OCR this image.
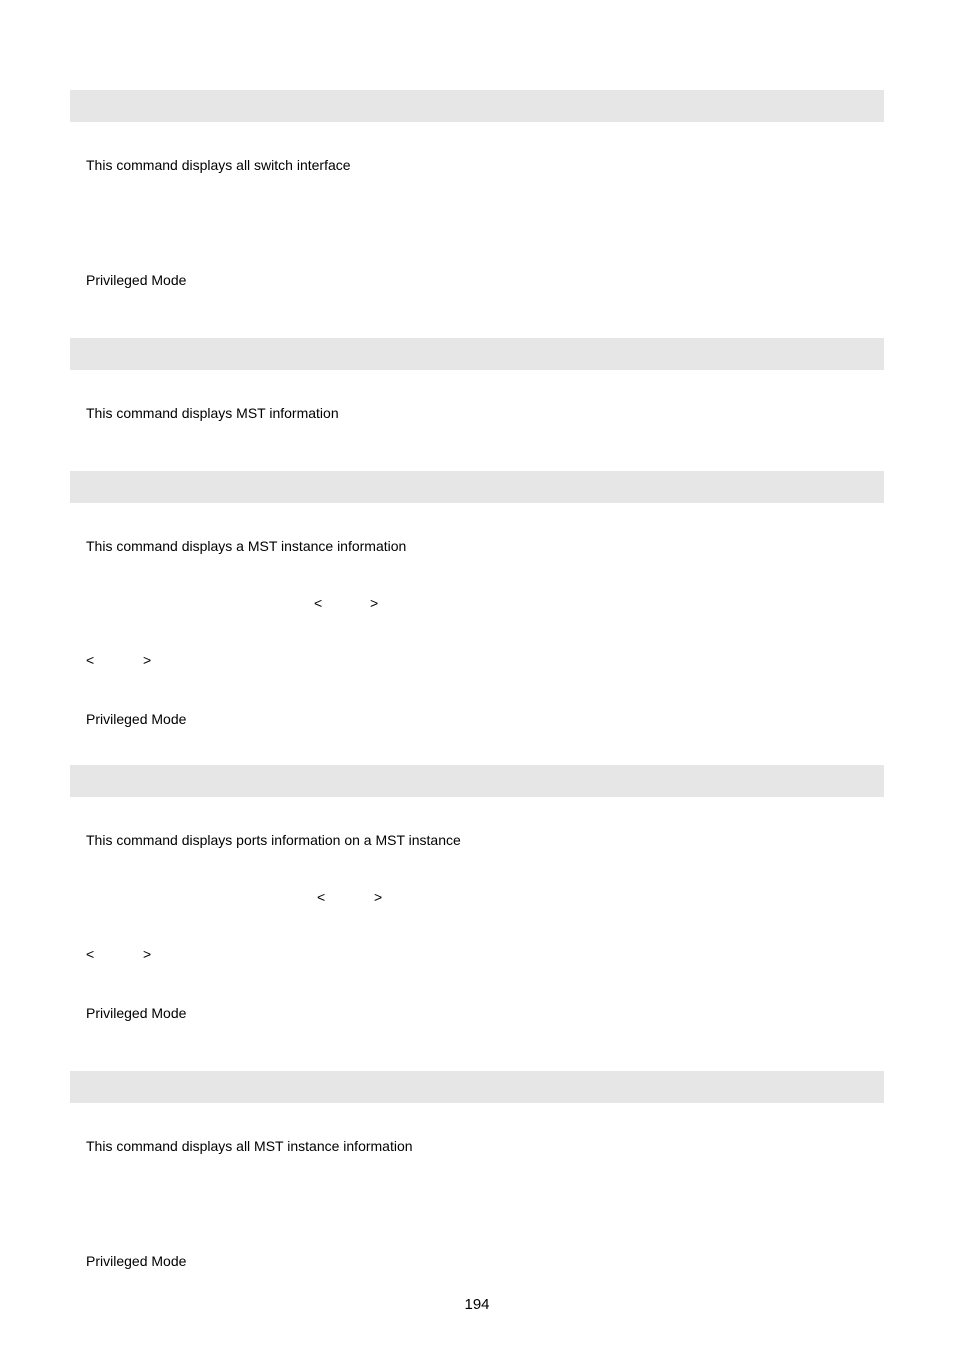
This command displays all switch interface
Privileged Mode
This command displays MST information
This command displays a MST instance information
<	>
<	>
Privileged Mode
This command displays ports information on a MST instance
<	>
<	>
Privileged Mode
This command displays all MST instance information
Privileged Mode
194
